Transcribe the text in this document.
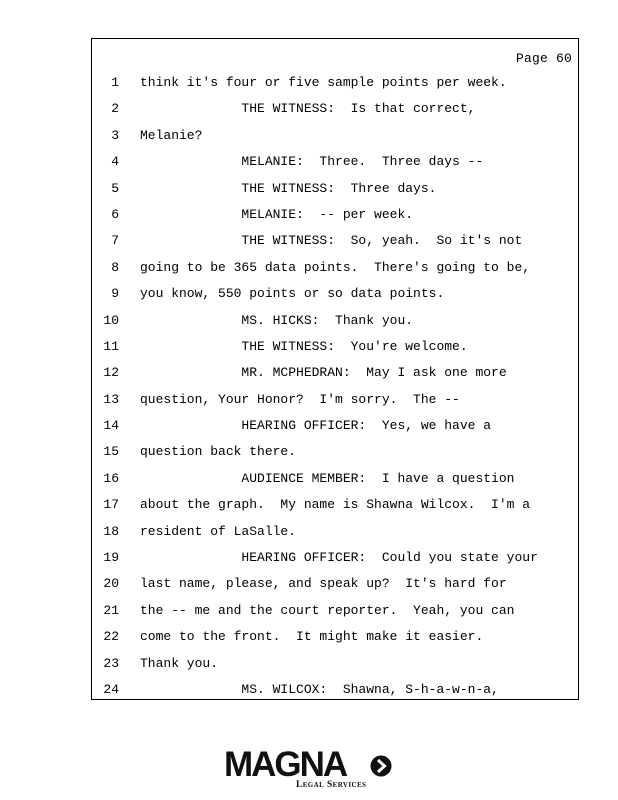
Page 60
1 think it's four or five sample points per week.
2 THE WITNESS:  Is that correct,
3 Melanie?
4 MELANIE:  Three.  Three days --
5 THE WITNESS:  Three days.
6 MELANIE:  -- per week.
7 THE WITNESS:  So, yeah.  So it's not
8 going to be 365 data points.  There's going to be,
9 you know, 550 points or so data points.
10 MS. HICKS:  Thank you.
11 THE WITNESS:  You're welcome.
12 MR. MCPHEDRAN:  May I ask one more
13 question, Your Honor?  I'm sorry.  The --
14 HEARING OFFICER:  Yes, we have a
15 question back there.
16 AUDIENCE MEMBER:  I have a question
17 about the graph.  My name is Shawna Wilcox.  I'm a
18 resident of LaSalle.
19 HEARING OFFICER:  Could you state your
20 last name, please, and speak up?  It's hard for
21 the -- me and the court reporter.  Yeah, you can
22 come to the front.  It might make it easier.
23 Thank you.
24 MS. WILCOX:  Shawna, S-h-a-w-n-a,
MAGNA
Legal Services
